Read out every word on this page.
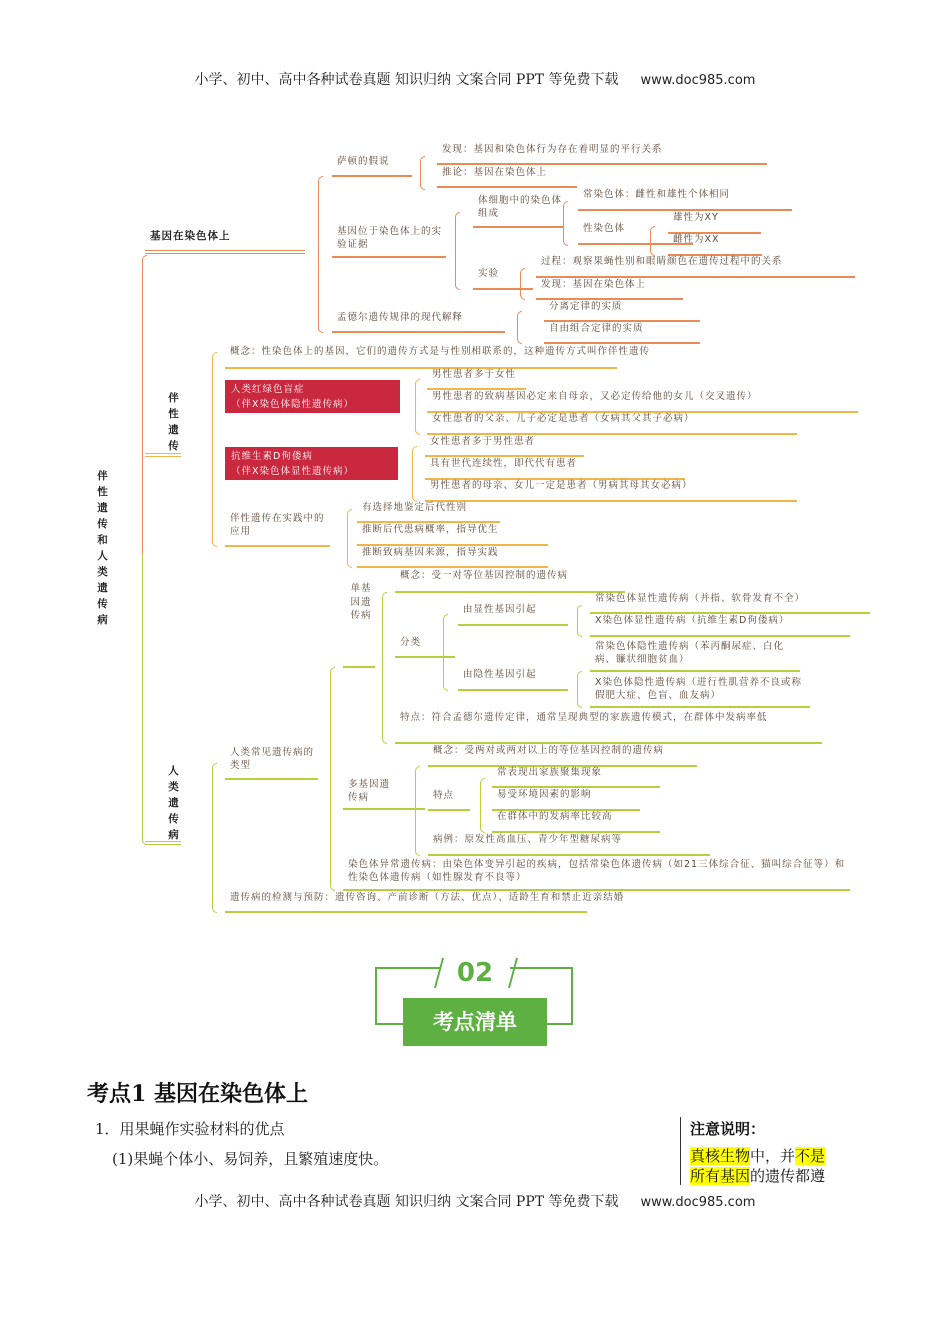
小学、初中、高中各种试卷真题 知识归纳 文案合同 PPT 等免费下载 www.doc985.com
伴性遗传和人类遗传病
基因在染色体上
萨顿的假说
发现：基因和染色体行为存在着明显的平行关系
推论：基因在染色体上
基因位于染色体上的实验证据
体细胞中的染色体组成
常染色体：雌性和雄性个体相同
性染色体
雄性为XY
雌性为XX
实验
过程：观察果蝇性别和眼睛颜色在遗传过程中的关系
发现：基因在染色体上
孟德尔遗传规律的现代解释
分离定律的实质
自由组合定律的实质
伴性遗传
概念：性染色体上的基因，它们的遗传方式是与性别相联系的，这种遗传方式叫作伴性遗传
人类红绿色盲症
（伴X染色体隐性遗传病）
男性患者多于女性
男性患者的致病基因必定来自母亲，又必定传给他的女儿（交叉遗传）
女性患者的父亲、儿子必定是患者（女病其父其子必病）
抗维生素D佝偻病
（伴X染色体显性遗传病）
女性患者多于男性患者
具有世代连续性，即代代有患者
男性患者的母亲、女儿一定是患者（男病其母其女必病）
伴性遗传在实践中的应用
有选择地鉴定后代性别
推断后代患病概率，指导优生
推断致病基因来源，指导实践
人类遗传病
人类常见遗传病的类型
单基因遗传病
概念：受一对等位基因控制的遗传病
分类
由显性基因引起
常染色体显性遗传病（并指、软骨发育不全）
X染色体显性遗传病（抗维生素D佝偻病）
由隐性基因引起
常染色体隐性遗传病（苯丙酮尿症、白化病、镰状细胞贫血）
X染色体隐性遗传病（进行性肌营养不良或称假肥大症、色盲、血友病）
特点：符合孟德尔遗传定律，通常呈现典型的家族遗传模式，在群体中发病率低
多基因遗传病
概念：受两对或两对以上的等位基因控制的遗传病
特点
常表现出家族聚集现象
易受环境因素的影响
在群体中的发病率比较高
病例：原发性高血压、青少年型糖尿病等
染色体异常遗传病：由染色体变异引起的疾病，包括常染色体遗传病（如21三体综合征、猫叫综合征等）和性染色体遗传病（如性腺发育不良等）
遗传病的检测与预防：遗传咨询、产前诊断（方法、优点）、适龄生育和禁止近亲结婚
02
考点清单
考点1 基因在染色体上
1．用果蝇作实验材料的优点
(1)果蝇个体小、易饲养，且繁殖速度快。
注意说明：
真核生物中，并不是
所有基因的遗传都遵
小学、初中、高中各种试卷真题 知识归纳 文案合同 PPT 等免费下载 www.doc985.com
